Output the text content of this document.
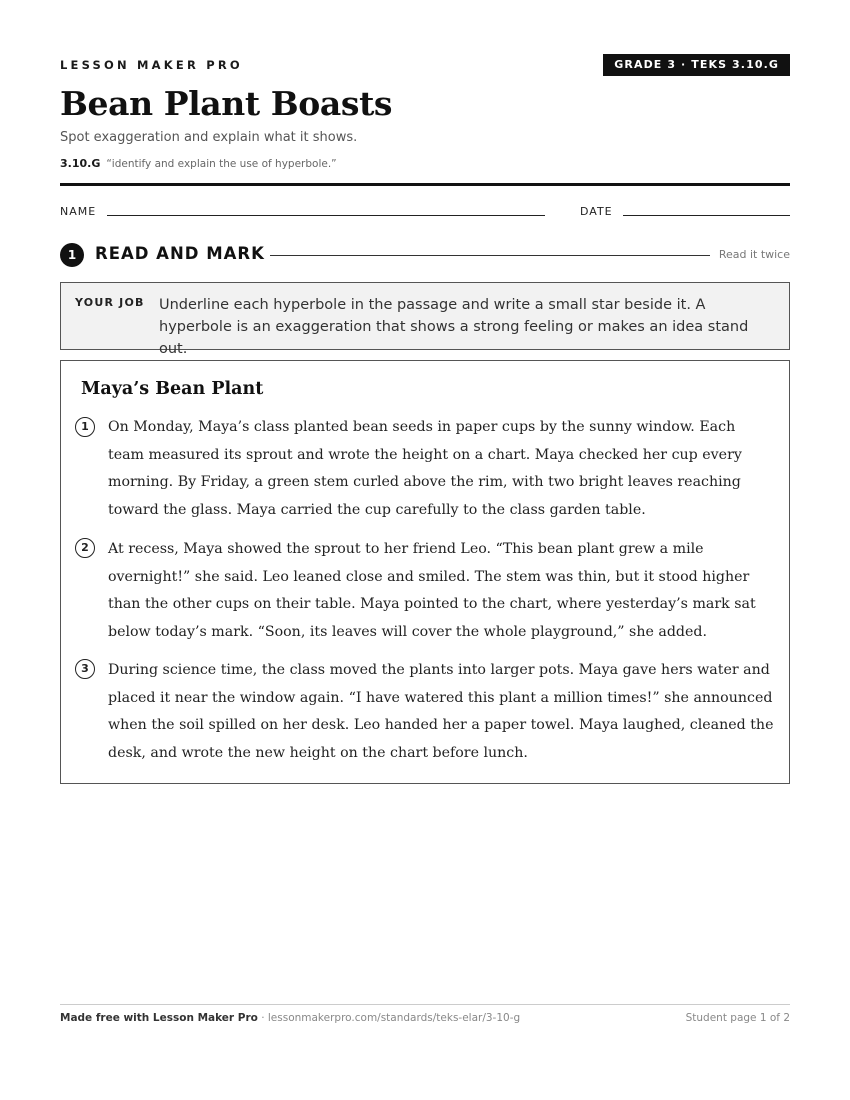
LESSON MAKER PRO	GRADE 3 · TEKS 3.10.G
Bean Plant Boasts
Spot exaggeration and explain what it shows.
3.10.G “identify and explain the use of hyperbole.”
NAME	DATE
1	READ AND MARK	Read it twice
YOUR JOB Underline each hyperbole in the passage and write a small star beside it. A hyperbole is an exaggeration that shows a strong feeling or makes an idea stand out.
Maya’s Bean Plant
1	On Monday, Maya’s class planted bean seeds in paper cups by the sunny window. Each team measured its sprout and wrote the height on a chart. Maya checked her cup every morning. By Friday, a green stem curled above the rim, with two bright leaves reaching toward the glass. Maya carried the cup carefully to the class garden table.
2	At recess, Maya showed the sprout to her friend Leo. “This bean plant grew a mile overnight!” she said. Leo leaned close and smiled. The stem was thin, but it stood higher than the other cups on their table. Maya pointed to the chart, where yesterday’s mark sat below today’s mark. “Soon, its leaves will cover the whole playground,” she added.
3	During science time, the class moved the plants into larger pots. Maya gave hers water and placed it near the window again. “I have watered this plant a million times!” she announced when the soil spilled on her desk. Leo handed her a paper towel. Maya laughed, cleaned the desk, and wrote the new height on the chart before lunch.
Made free with Lesson Maker Pro · lessonmakerpro.com/standards/teks-elar/3-10-g	Student page 1 of 2
